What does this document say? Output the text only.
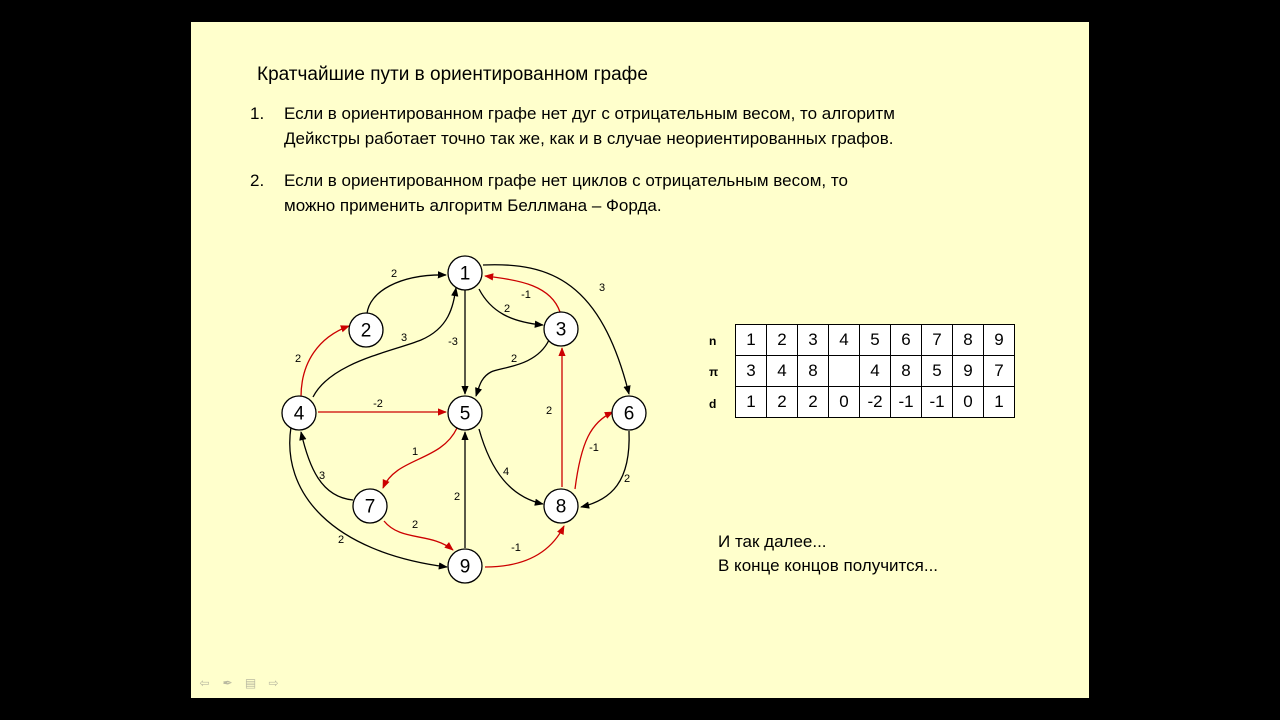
Кратчайшие пути в ориентированном графе
1. Если в ориентированном графе нет дуг с отрицательным весом, то алгоритм
Дейкстры работает точно так же, как и в случае неориентированных графов.
2. Если в ориентированном графе нет циклов с отрицательным весом, то
можно применить алгоритм Беллмана – Форда.
2
3	-3
2
-1
3
2
-2
2
1
3
2
2
2
4
2
-1
2
-1
1
2	3
4	5	6
7	8
9
n
π
d
1	2	3	4	5	6	7	8	9
3	4	8		4	8	5	9	7
1	2	2	0	-2	-1	-1	0	1
И так далее...
В конце концов получится...
⇦ ✒ ▤ ⇨
